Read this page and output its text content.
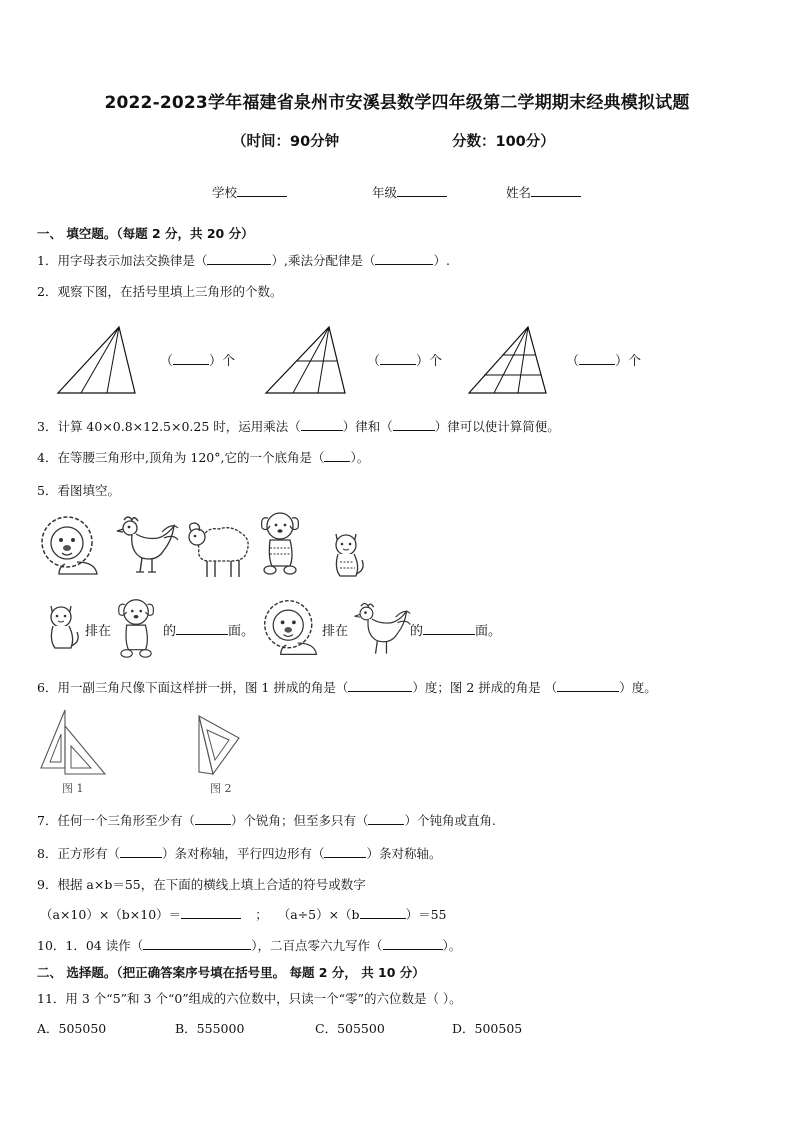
2022-2023学年福建省泉州市安溪县数学四年级第二学期期末经典模拟试题
（时间：90分钟	分数：100分）
学校	年级	姓名
一、 填空题。（每题 2 分，共 20 分）
1．用字母表示加法交换律是（	）,乘法分配律是（	）.
2．观察下图，在括号里填上三角形的个数。
（	）个	（	）个	（	）个
3．计算 40×0.8×12.5×0.25 时，运用乘法（	）律和（	）律可以使计算简便。
4．在等腰三角形中,顶角为 120°,它的一个底角是（ ）。
5．看图填空。
排在	的	面。	排在	的	面。
6．用一副三角尺像下面这样拼一拼，图 1 拼成的角是（	）度；图 2 拼成的角是 （	）度。
图 1	图 2
7．任何一个三角形至少有（	）个锐角；但至多只有（	）个钝角或直角.
8．正方形有（	）条对称轴，平行四边形有（	）条对称轴。
9．根据 a×b＝55，在下面的横线上填上合适的符号或数字
（a×10）×（b×10）＝	； （a÷5）×（b	）＝55
10．1．04 读作（	），二百点零六九写作（	）。
二、 选择题。（把正确答案序号填在括号里。 每题 2 分， 共 10 分）
11．用 3 个“5”和 3 个“0”组成的六位数中，只读一个“零”的六位数是（ ）。
A．505050	B．555000	C．505500	D．500505
